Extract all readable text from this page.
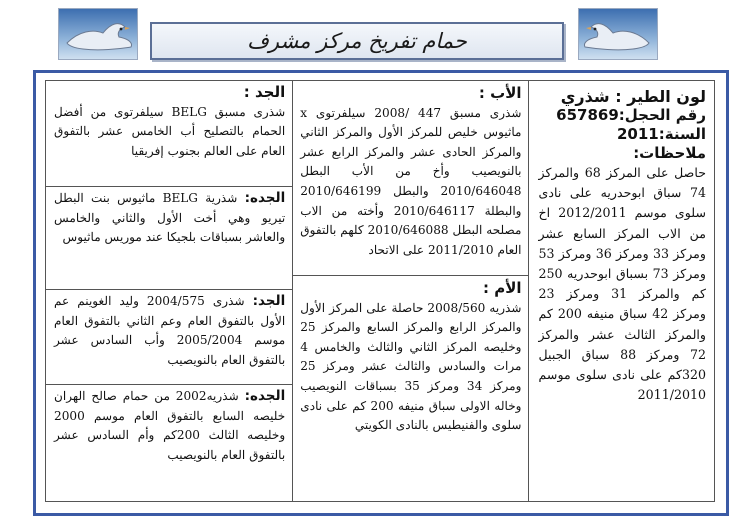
حمام تفريخ مركز مشرف
لون الطير : شذري
رقم الحجل:657869
السنة:2011
ملاحظات:
حاصل على المركز 68 والمركز 74 سباق ابوحدريه على نادى سلوى موسم 2012/2011 اخ من الاب المركز السابع عشر ومركز 33 ومركز 36 ومركز 53 ومركز 73 بسباق ابوحدريه 250 كم والمركز 31 ومركز 23 ومركز 42 سباق منيفه 200 كم والمركز الثالث عشر والمركز 72 ومركز 88 سباق الجبيل 320كم على نادى سلوى موسم 2011/2010
الأب :
شذرى مسبق 447 /2008 سيلفرتوى x ماثيوس خليص للمركز الأول والمركز الثاني والمركز الحادى عشر والمركز الرابع عشر بالنويصيب وأخ من الأب البطل 2010/646048 والبطل 2010/646199 والبطلة 2010/646117 وأخته من الاب مصلحه البطل 2010/646088 كلهم بالتفوق العام 2011/2010 على الاتحاد
الأم :
شذريه 2008/560 حاصلة على المركز الأول والمركز الرابع والمركز السابع والمركز 25 وخليصه المركز الثاني والثالث والخامس 4 مرات والسادس والثالث عشر ومركز 25 ومركز 34 ومركز 35 بسباقات النويصيب وخاله الاولى سباق منيفه 200 كم على نادى سلوى والفنيطيس بالنادى الكويتي
الجد :
شذرى مسبق BELG سيلفرتوى من أفضل الحمام بالتصليح أب الخامس عشر بالتفوق العام على العالم بجنوب إفريقيا
الجده: شذرية BELG ماثيوس بنت البطل تيريو وهي أخت الأول والثاني والخامس والعاشر بسباقات بلجيكا عند موريس ماثيوس
الجد: شذرى 2004/575 وليد الغوينم عم الأول بالتفوق العام وعم الثاني بالتفوق العام موسم 2005/2004 وأب السادس عشر بالتفوق العام بالنويصيب
الجده: شذريه2002 من حمام صالح الهران خليصه السابع بالتفوق العام موسم 2000 وخليصه الثالث 200كم وأم السادس عشر بالتفوق العام بالنويصيب
